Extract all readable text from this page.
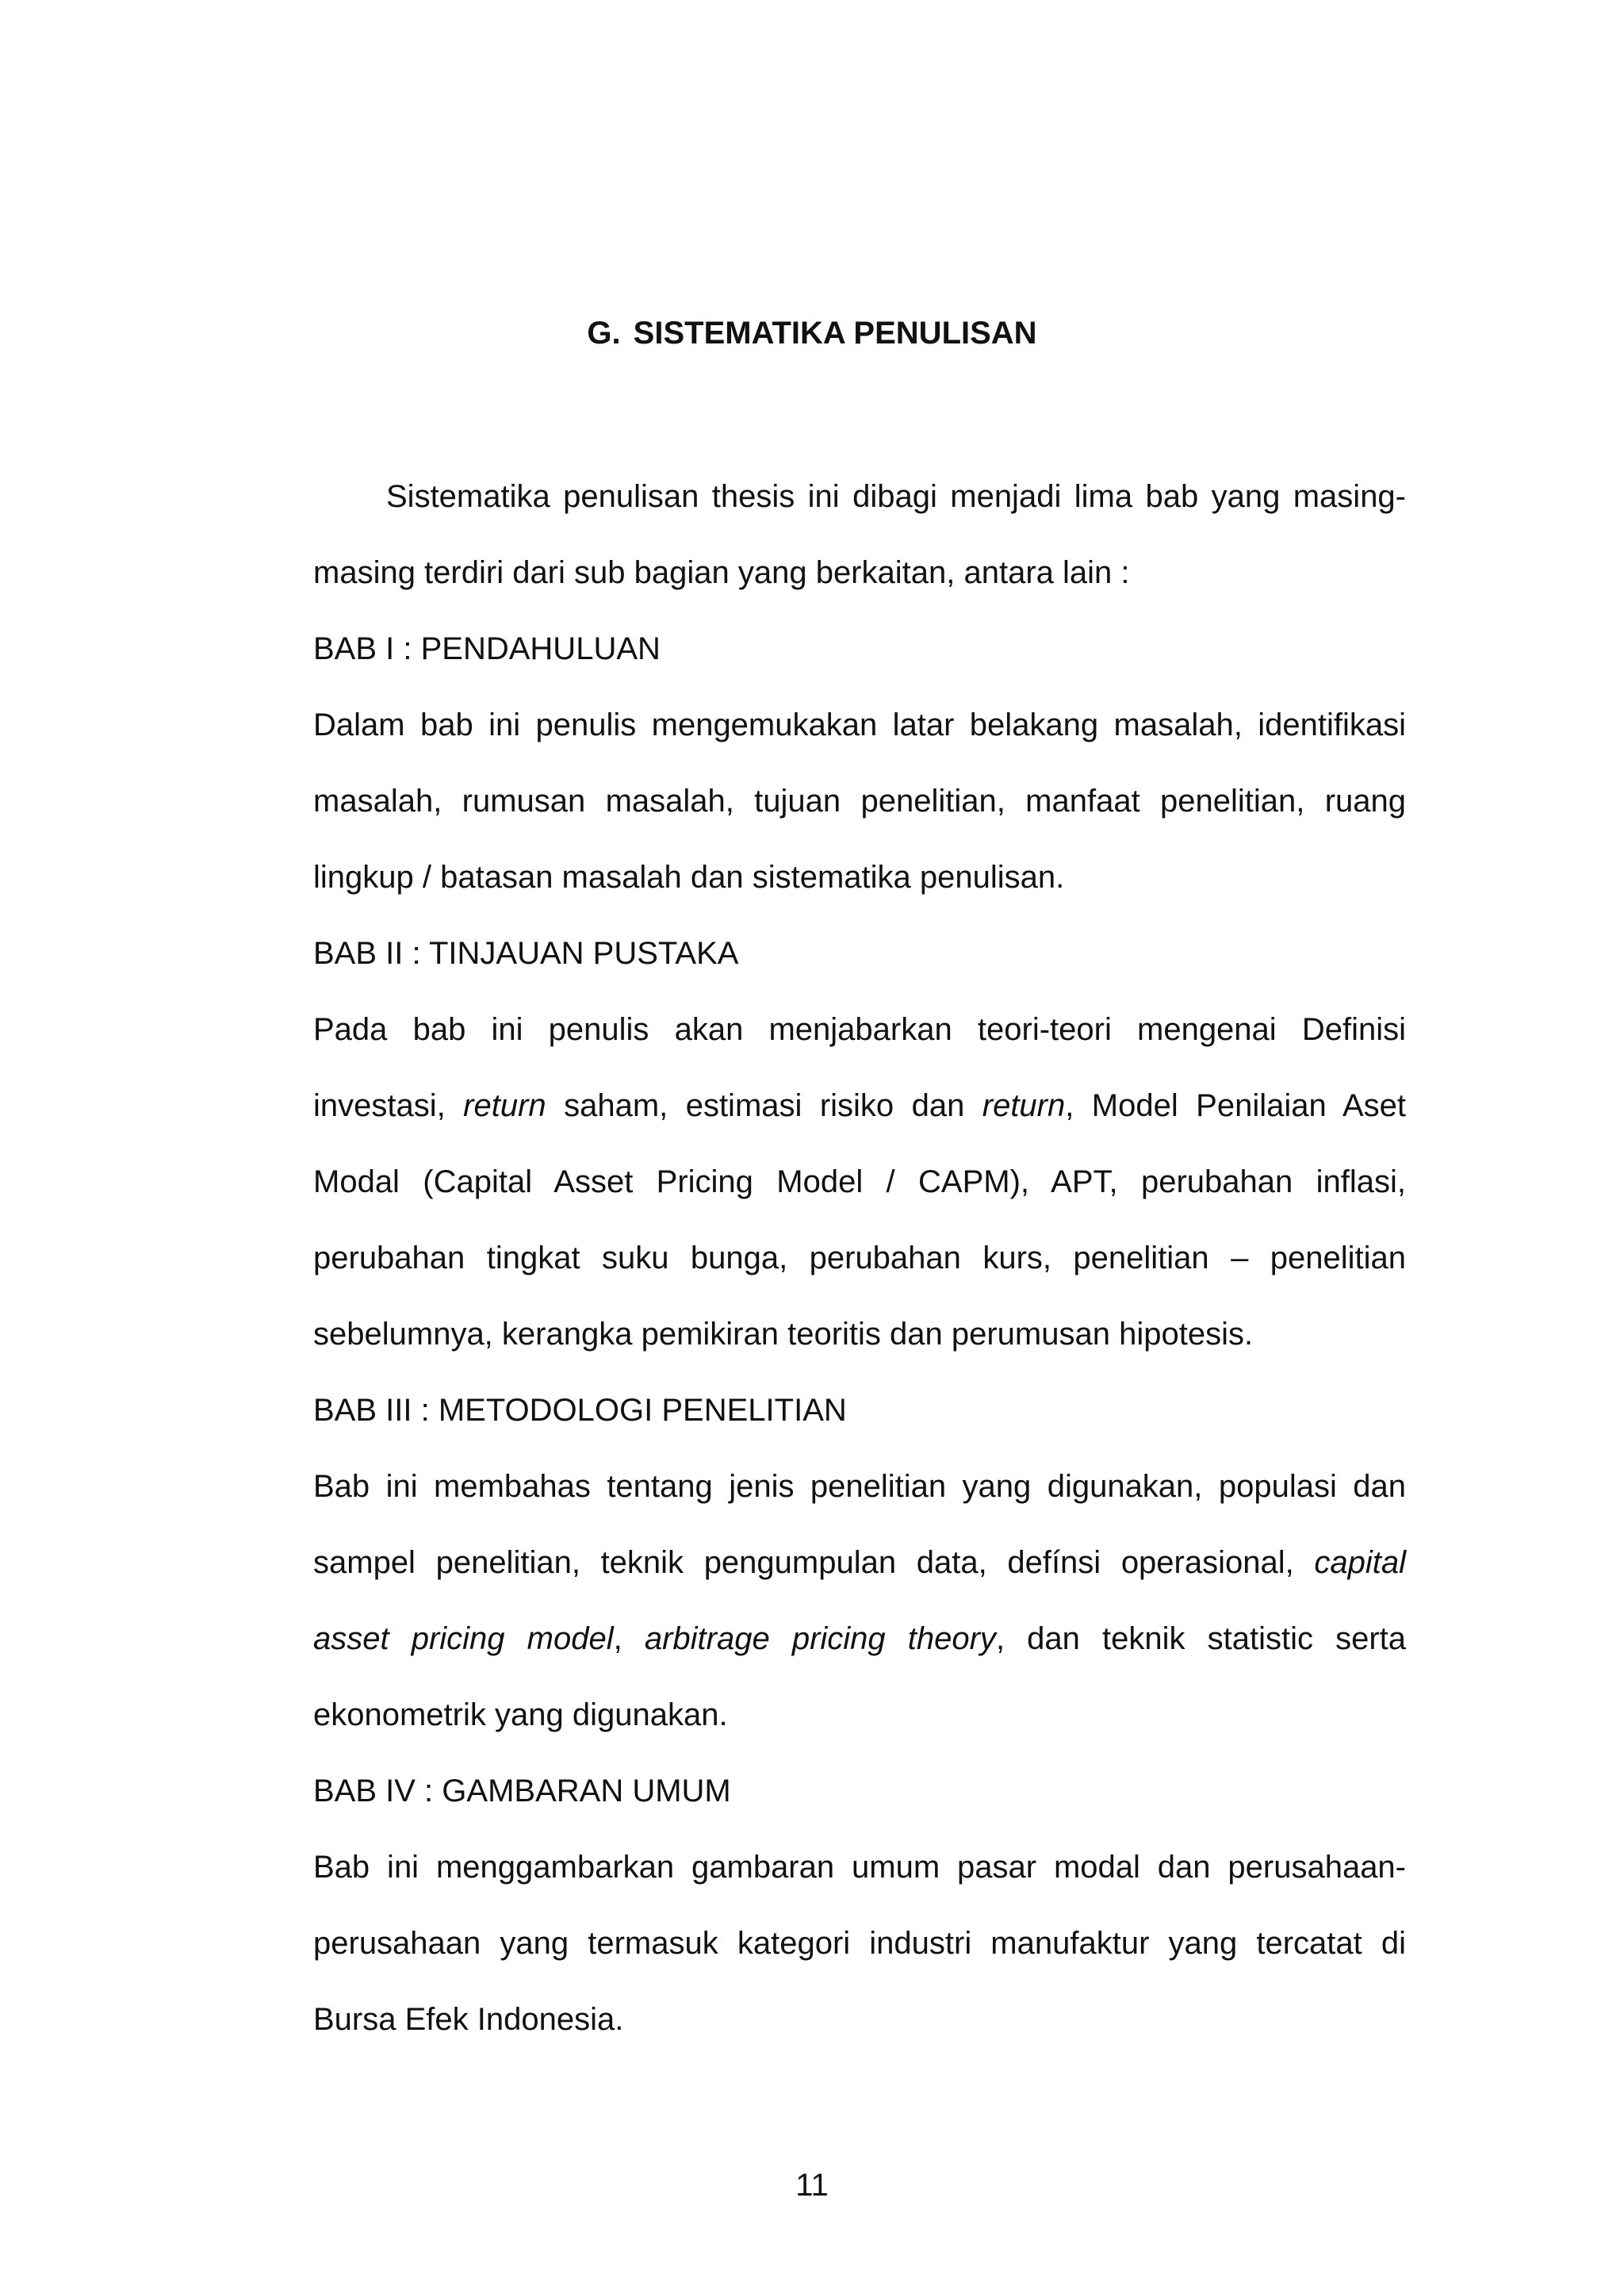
G. SISTEMATIKA PENULISAN

Sistematika penulisan thesis ini dibagi menjadi lima bab yang masing-masing terdiri dari sub bagian yang berkaitan, antara lain :

BAB I : PENDAHULUAN

Dalam bab ini penulis mengemukakan latar belakang masalah, identifikasi masalah, rumusan masalah, tujuan penelitian, manfaat penelitian, ruang lingkup / batasan masalah dan sistematika penulisan.

BAB II : TINJAUAN PUSTAKA

Pada bab ini penulis akan menjabarkan teori-teori mengenai Definisi investasi, return saham, estimasi risiko dan return, Model Penilaian Aset Modal (Capital Asset Pricing Model / CAPM), APT, perubahan inflasi, perubahan tingkat suku bunga, perubahan kurs, penelitian – penelitian sebelumnya, kerangka pemikiran teoritis dan perumusan hipotesis.

BAB III : METODOLOGI PENELITIAN

Bab ini membahas tentang jenis penelitian yang digunakan, populasi dan sampel penelitian, teknik pengumpulan data, defínsi operasional, capital asset pricing model, arbitrage pricing theory, dan teknik statistic serta ekonometrik yang digunakan.

BAB IV : GAMBARAN UMUM

Bab ini menggambarkan gambaran umum pasar modal dan perusahaan-perusahaan yang termasuk kategori industri manufaktur yang tercatat di Bursa Efek Indonesia.

11
